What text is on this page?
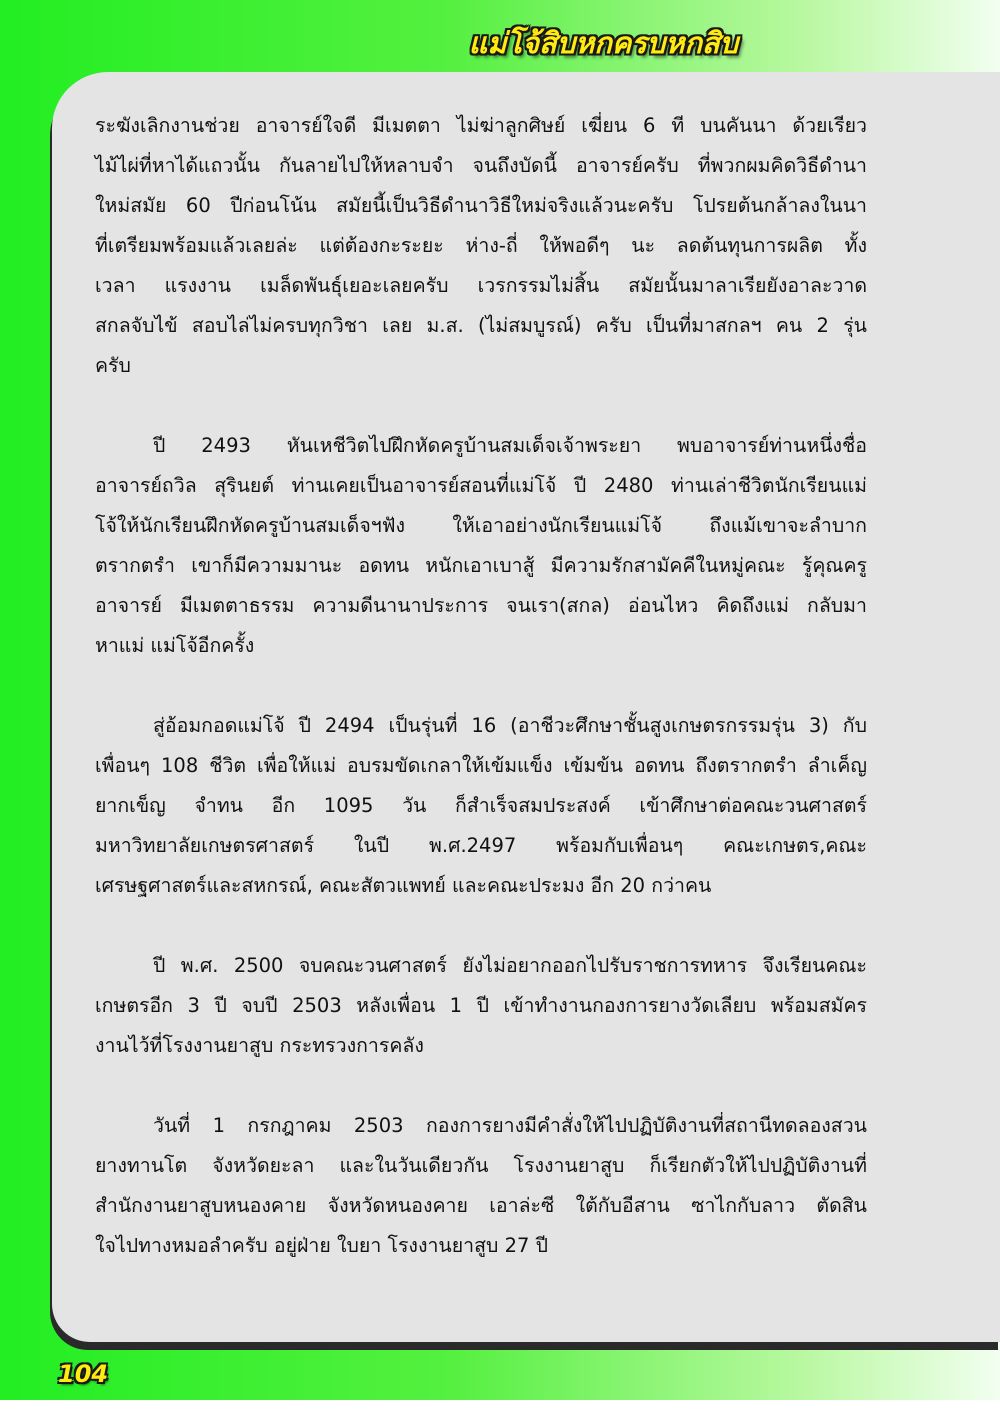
แม่โจ้สิบหกครบหกสิบ

ระฆังเลิกงานช่วย อาจารย์ใจดี มีเมตตา ไม่ฆ่าลูกศิษย์ เฆี่ยน 6 ที บนคันนา ด้วยเรียว
ไม้ไผ่ที่หาได้แถวนั้น กันลายไปให้หลาบจำ จนถึงบัดนี้ อาจารย์ครับ ที่พวกผมคิดวิธีดำนา
ใหม่สมัย 60 ปีก่อนโน้น สมัยนี้เป็นวิธีดำนาวิธีใหม่จริงแล้วนะครับ โปรยต้นกล้าลงในนา
ที่เตรียมพร้อมแล้วเลยล่ะ แต่ต้องกะระยะ ห่าง-ถี่ ให้พอดีๆ นะ ลดต้นทุนการผลิต ทั้ง
เวลา แรงงาน เมล็ดพันธุ์เยอะเลยครับ เวรกรรมไม่สิ้น สมัยนั้นมาลาเรียยังอาละวาด
สกลจับไข้ สอบไล่ไม่ครบทุกวิชา เลย ม.ส. (ไม่สมบูรณ์) ครับ เป็นที่มาสกลฯ คน 2 รุ่น
ครับ

ปี 2493 หันเหชีวิตไปฝึกหัดครูบ้านสมเด็จเจ้าพระยา พบอาจารย์ท่านหนึ่งชื่อ
อาจารย์ถวิล สุรินยต์ ท่านเคยเป็นอาจารย์สอนที่แม่โจ้ ปี 2480 ท่านเล่าชีวิตนักเรียนแม่
โจ้ให้นักเรียนฝึกหัดครูบ้านสมเด็จฯฟัง ให้เอาอย่างนักเรียนแม่โจ้ ถึงแม้เขาจะลำบาก
ตรากตรำ เขาก็มีความมานะ อดทน หนักเอาเบาสู้ มีความรักสามัคคีในหมู่คณะ รู้คุณครู
อาจารย์ มีเมตตาธรรม ความดีนานาประการ จนเรา(สกล) อ่อนไหว คิดถึงแม่ กลับมา
หาแม่ แม่โจ้อีกครั้ง

สู่อ้อมกอดแม่โจ้ ปี 2494 เป็นรุ่นที่ 16 (อาชีวะศึกษาชั้นสูงเกษตรกรรมรุ่น 3) กับ
เพื่อนๆ 108 ชีวิต เพื่อให้แม่ อบรมขัดเกลาให้เข้มแข็ง เข้มข้น อดทน ถึงตรากตรำ ลำเค็ญ
ยากเข็ญ จำทน อีก 1095 วัน ก็สำเร็จสมประสงค์ เข้าศึกษาต่อคณะวนศาสตร์
มหาวิทยาลัยเกษตรศาสตร์ ในปี พ.ศ.2497 พร้อมกับเพื่อนๆ คณะเกษตร,คณะ
เศรษฐศาสตร์และสหกรณ์, คณะสัตวแพทย์ และคณะประมง อีก 20 กว่าคน

ปี พ.ศ. 2500 จบคณะวนศาสตร์ ยังไม่อยากออกไปรับราชการทหาร จึงเรียนคณะ
เกษตรอีก 3 ปี จบปี 2503 หลังเพื่อน 1 ปี เข้าทำงานกองการยางวัดเลียบ พร้อมสมัคร
งานไว้ที่โรงงานยาสูบ กระทรวงการคลัง

วันที่ 1 กรกฎาคม 2503 กองการยางมีคำสั่งให้ไปปฏิบัติงานที่สถานีทดลองสวน
ยางทานโต จังหวัดยะลา และในวันเดียวกัน โรงงานยาสูบ ก็เรียกตัวให้ไปปฏิบัติงานที่
สำนักงานยาสูบหนองคาย จังหวัดหนองคาย เอาล่ะซี ใต้กับอีสาน ซาไกกับลาว ตัดสิน
ใจไปทางหมอลำครับ อยู่ฝ่าย ใบยา โรงงานยาสูบ 27 ปี

104
